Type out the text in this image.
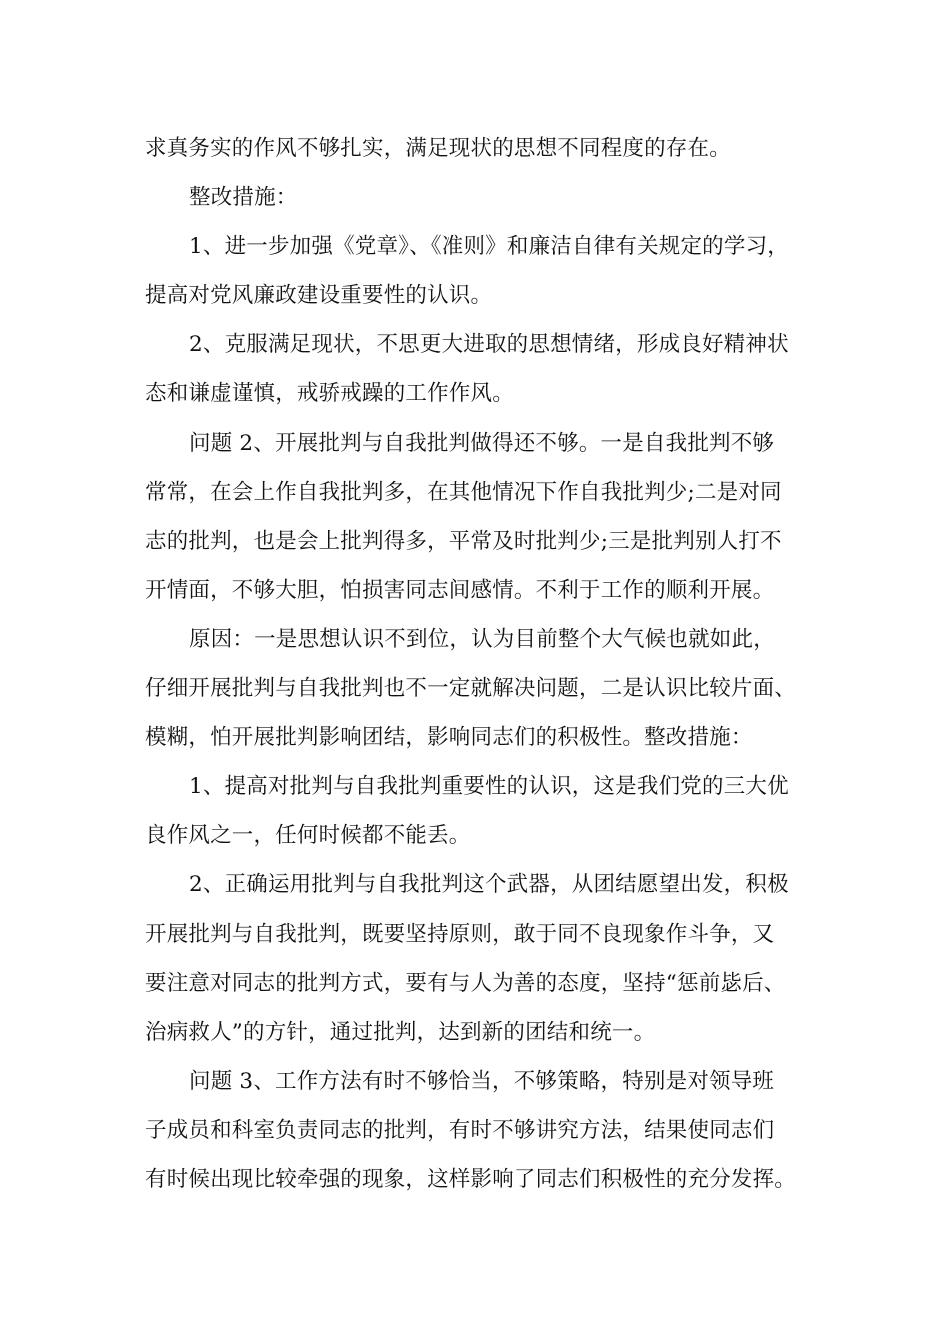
求真务实的作风不够扎实，满足现状的思想不同程度的存在。
整改措施：
1、进一步加强《党章》、《准则》和廉洁自律有关规定的学习，
提高对党风廉政建设重要性的认识。
2、克服满足现状，不思更大进取的思想情绪，形成良好精神状
态和谦虚谨慎，戒骄戒躁的工作作风。
问题 2、开展批判与自我批判做得还不够。一是自我批判不够
常常，在会上作自我批判多，在其他情况下作自我批判少;二是对同
志的批判，也是会上批判得多，平常及时批判少;三是批判别人打不
开情面，不够大胆，怕损害同志间感情。不利于工作的顺利开展。
原因：一是思想认识不到位，认为目前整个大气候也就如此，
仔细开展批判与自我批判也不一定就解决问题，二是认识比较片面、
模糊，怕开展批判影响团结，影响同志们的积极性。整改措施：
1、提高对批判与自我批判重要性的认识，这是我们党的三大优
良作风之一，任何时候都不能丢。
2、正确运用批判与自我批判这个武器，从团结愿望出发，积极
开展批判与自我批判，既要坚持原则，敢于同不良现象作斗争，又
要注意对同志的批判方式，要有与人为善的态度，坚持“惩前毖后、
治病救人”的方针，通过批判，达到新的团结和统一。
问题 3、工作方法有时不够恰当，不够策略，特别是对领导班
子成员和科室负责同志的批判，有时不够讲究方法，结果使同志们
有时候出现比较牵强的现象，这样影响了同志们积极性的充分发挥。
